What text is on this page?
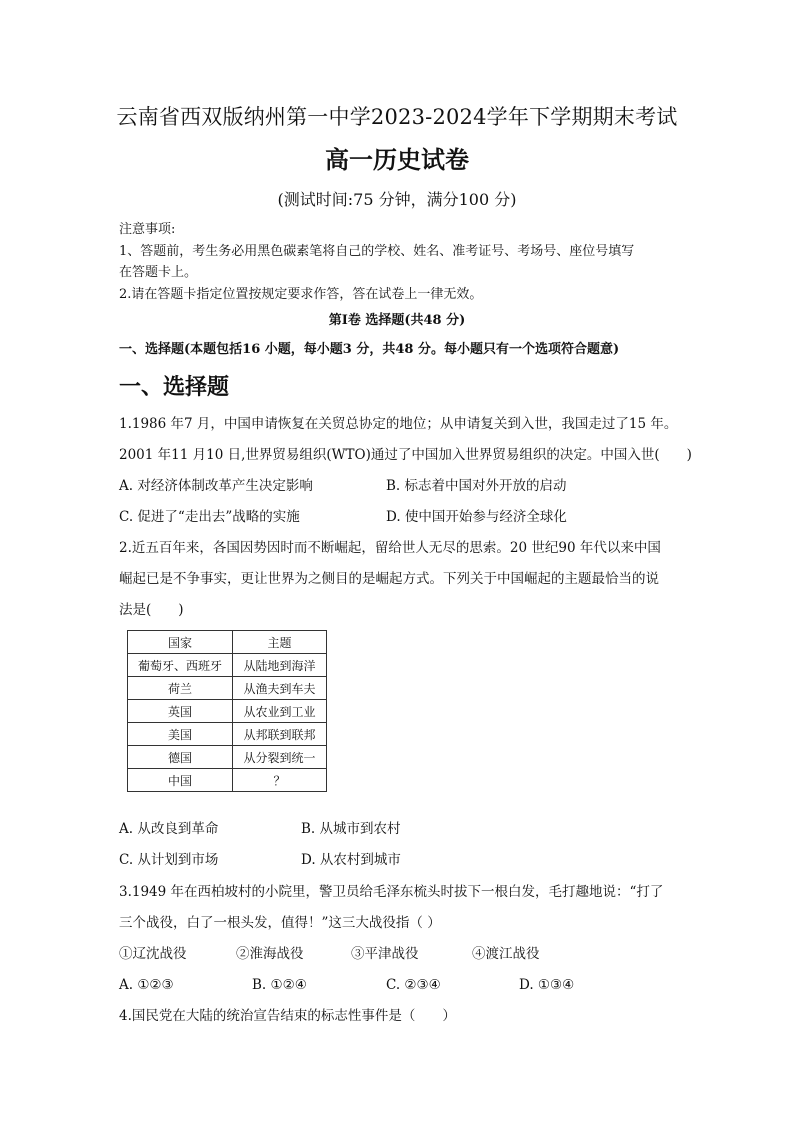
云南省西双版纳州第一中学2023-2024学年下学期期末考试
高一历史试卷
(测试时间:75 分钟，满分100 分)
注意事项:
1、答题前，考生务必用黑色碳素笔将自己的学校、姓名、准考证号、考场号、座位号填写
在答题卡上。
2.请在答题卡指定位置按规定要求作答，答在试卷上一律无效。
第Ⅰ卷 选择题(共48 分)
一、选择题(本题包括16 小题，每小题3 分，共48 分。每小题只有一个选项符合题意)
一、选择题
1.1986 年7 月，中国申请恢复在关贸总协定的地位；从申请复关到入世，我国走过了15 年。
2001 年11 月10 日,世界贸易组织(WTO)通过了中国加入世界贸易组织的决定。中国入世(　　)
A. 对经济体制改革产生决定影响	B. 标志着中国对外开放的启动
C. 促进了“走出去”战略的实施	D. 使中国开始参与经济全球化
2.近五百年来，各国因势因时而不断崛起，留给世人无尽的思索。20 世纪90 年代以来中国
崛起已是不争事实，更让世界为之侧目的是崛起方式。下列关于中国崛起的主题最恰当的说
法是(　　)
国家	主题
葡萄牙、西班牙	从陆地到海洋
荷兰	从渔夫到车夫
英国	从农业到工业
美国	从邦联到联邦
德国	从分裂到统一
中国	？
A. 从改良到革命	B. 从城市到农村
C. 从计划到市场	D. 从农村到城市
3.1949 年在西柏坡村的小院里，警卫员给毛泽东梳头时拔下一根白发，毛打趣地说：“打了
三个战役，白了一根头发，值得！”这三大战役指（ ）
①辽沈战役	②淮海战役	③平津战役	④渡江战役
A. ①②③	B. ①②④	C. ②③④	D. ①③④
4.国民党在大陆的统治宣告结束的标志性事件是（　　）
